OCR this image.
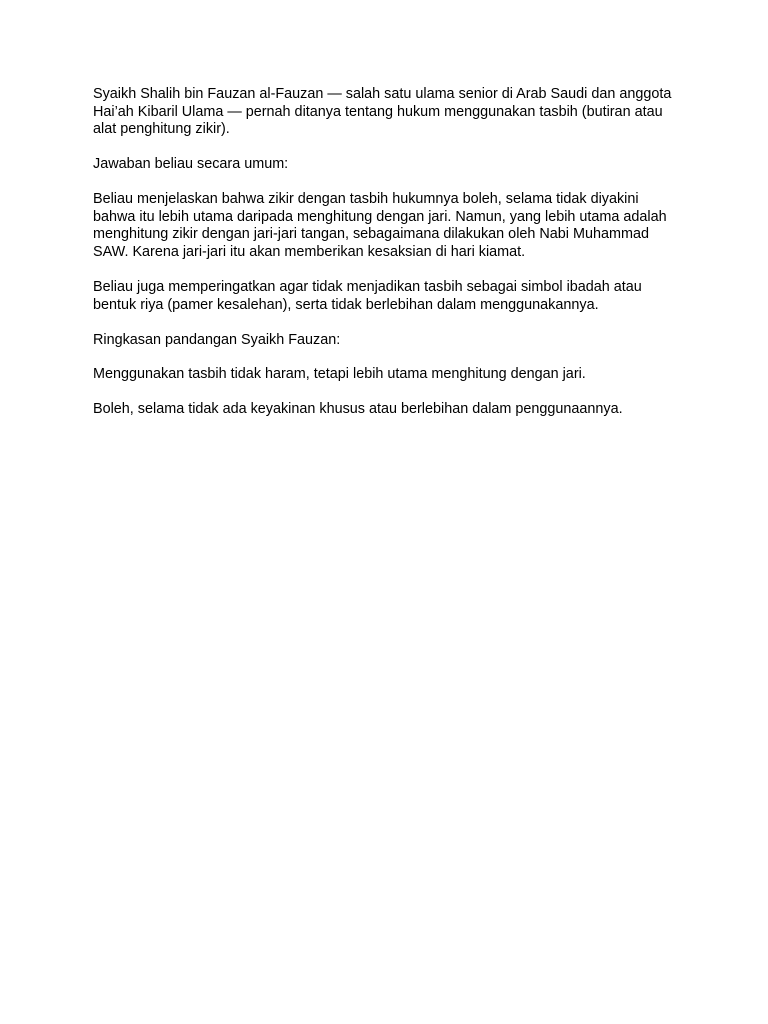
Syaikh Shalih bin Fauzan al-Fauzan — salah satu ulama senior di Arab Saudi dan anggota
Hai’ah Kibaril Ulama — pernah ditanya tentang hukum menggunakan tasbih (butiran atau
alat penghitung zikir).

Jawaban beliau secara umum:

Beliau menjelaskan bahwa zikir dengan tasbih hukumnya boleh, selama tidak diyakini
bahwa itu lebih utama daripada menghitung dengan jari. Namun, yang lebih utama adalah
menghitung zikir dengan jari-jari tangan, sebagaimana dilakukan oleh Nabi Muhammad
SAW. Karena jari-jari itu akan memberikan kesaksian di hari kiamat.

Beliau juga memperingatkan agar tidak menjadikan tasbih sebagai simbol ibadah atau
bentuk riya (pamer kesalehan), serta tidak berlebihan dalam menggunakannya.

Ringkasan pandangan Syaikh Fauzan:

Menggunakan tasbih tidak haram, tetapi lebih utama menghitung dengan jari.

Boleh, selama tidak ada keyakinan khusus atau berlebihan dalam penggunaannya.
